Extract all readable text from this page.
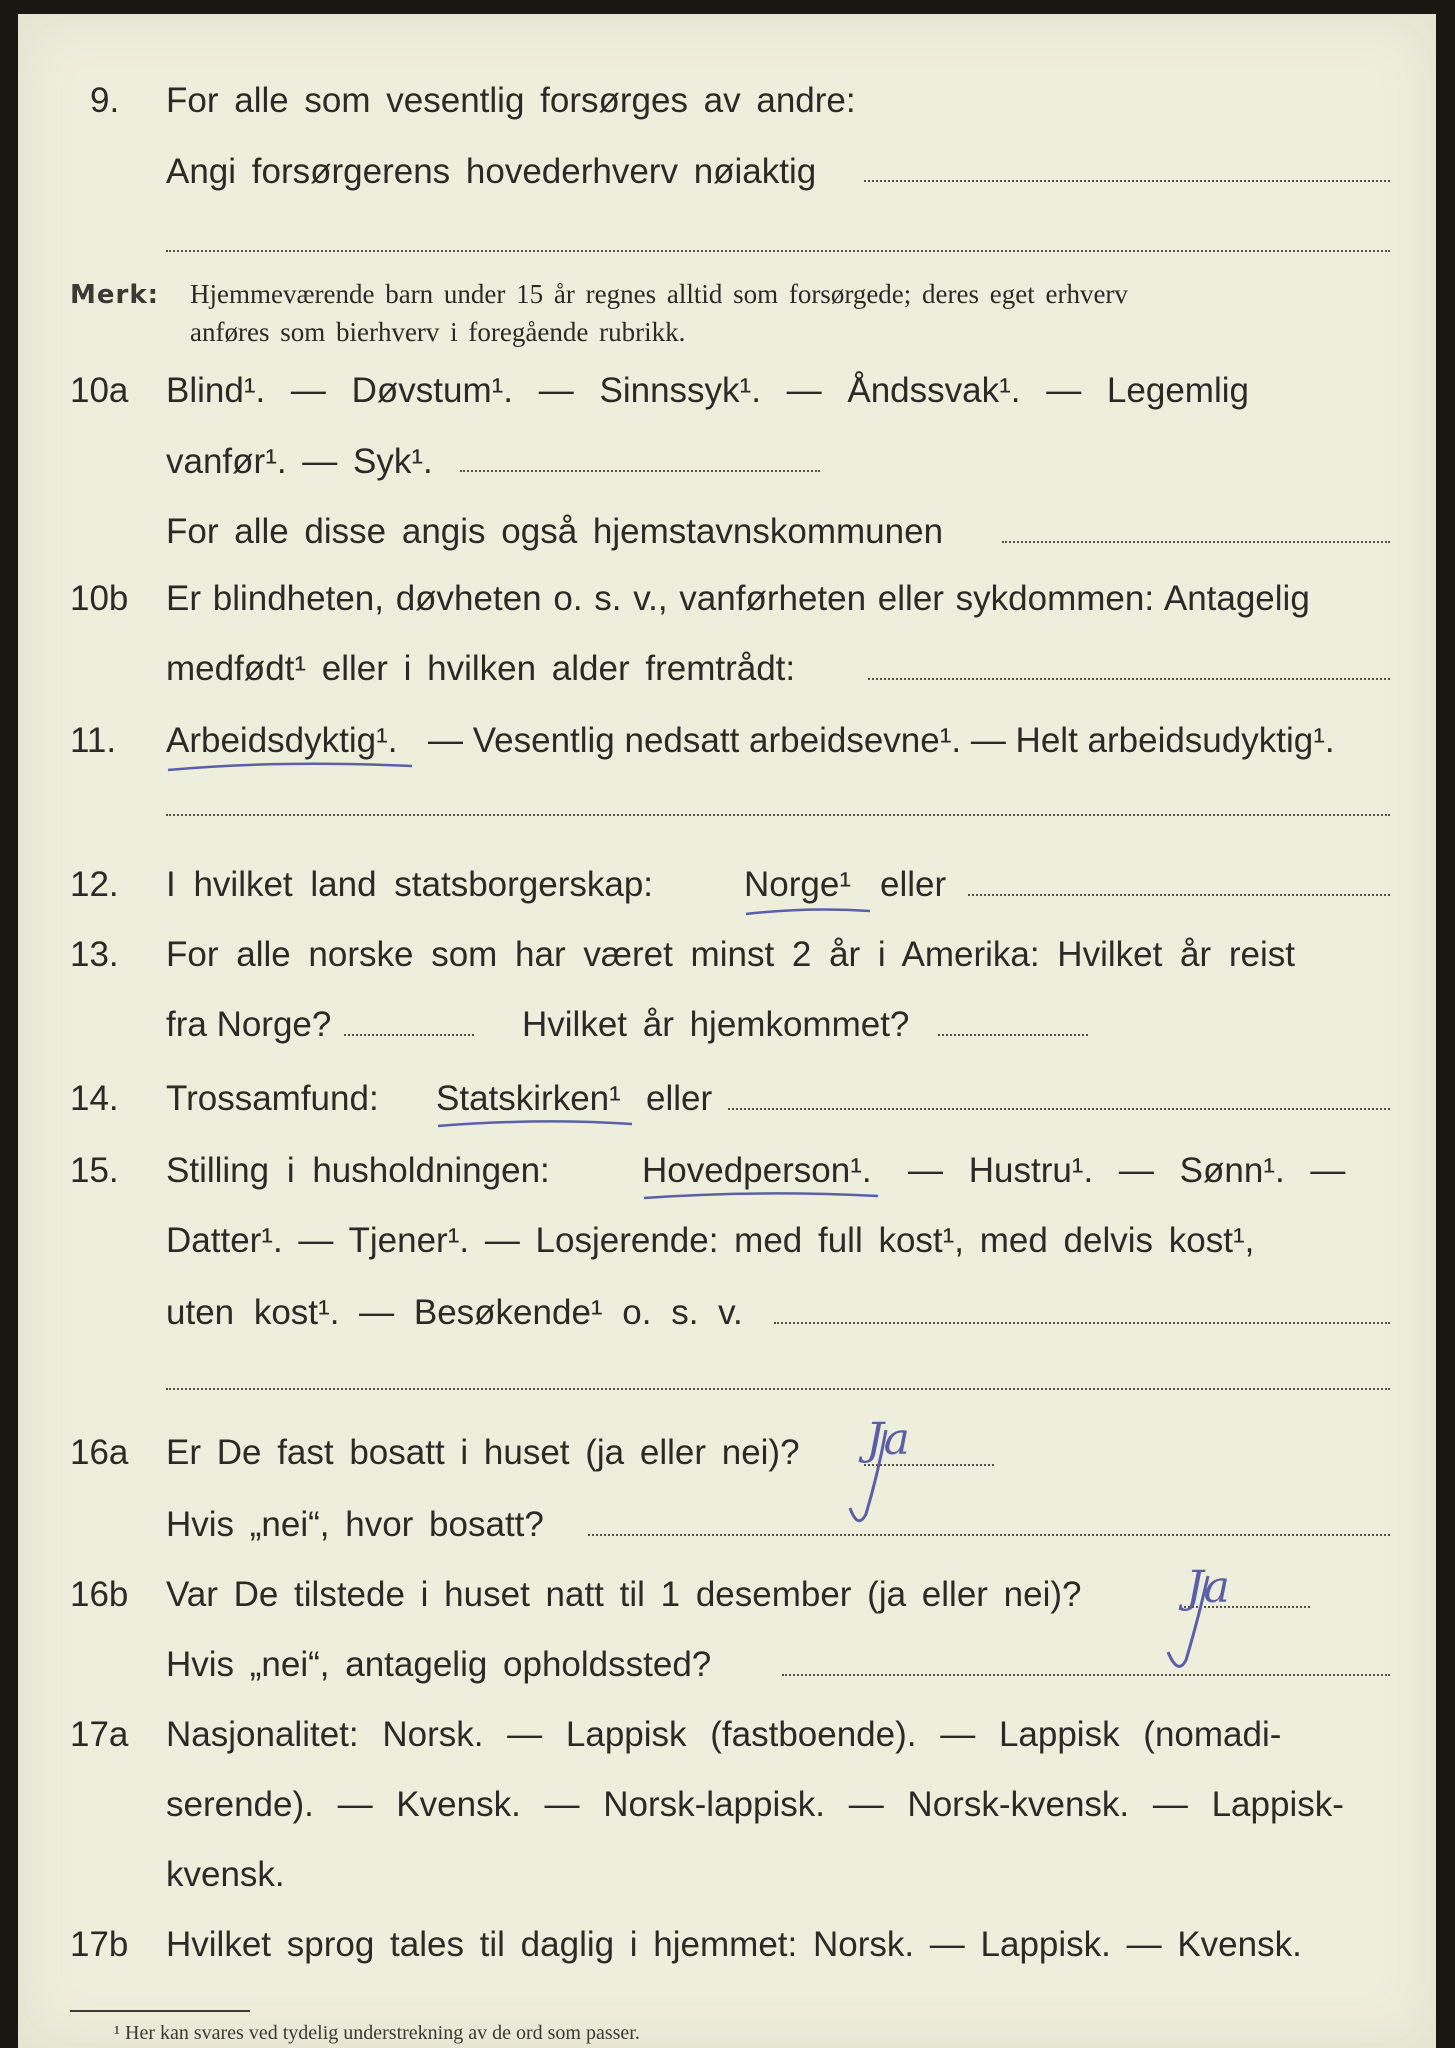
9. For alle som vesentlig forsørges av andre:
Angi forsørgerens hovederhverv nøiaktig
Merk: Hjemmeværende barn under 15 år regnes alltid som forsørgede; deres eget erhverv
anføres som bierhverv i foregående rubrikk.
10a Blind¹. — Døvstum¹. — Sinnssyk¹. — Åndssvak¹. — Legemlig
vanfør¹. — Syk¹.
For alle disse angis også hjemstavnskommunen
10b Er blindheten, døvheten o. s. v., vanførheten eller sykdommen: Antagelig
medfødt¹ eller i hvilken alder fremtrådt:
11. Arbeidsdyktig¹. — Vesentlig nedsatt arbeidsevne¹. — Helt arbeidsudyktig¹.
12. I hvilket land statsborgerskap:	Norge¹ eller
13. For alle norske som har været minst 2 år i Amerika: Hvilket år reist
fra Norge?	Hvilket år hjemkommet?
14. Trossamfund: Statskirken¹ eller
15. Stilling i husholdningen:	Hovedperson¹. — Hustru¹. — Sønn¹. —
Datter¹. — Tjener¹. — Losjerende: med full kost¹, med delvis kost¹,
uten kost¹. — Besøkende¹ o. s. v.
16a Er De fast bosatt i huset (ja eller nei)? Ja
Hvis „nei“, hvor bosatt?
16b Var De tilstede i huset natt til 1 desember (ja eller nei)? Ja
Hvis „nei“, antagelig opholdssted?
17a Nasjonalitet: Norsk. — Lappisk (fastboende). — Lappisk (nomadi-
serende). — Kvensk. — Norsk-lappisk. — Norsk-kvensk. — Lappisk-
kvensk.
17b Hvilket sprog tales til daglig i hjemmet: Norsk. — Lappisk. — Kvensk.
¹ Her kan svares ved tydelig understrekning av de ord som passer.
